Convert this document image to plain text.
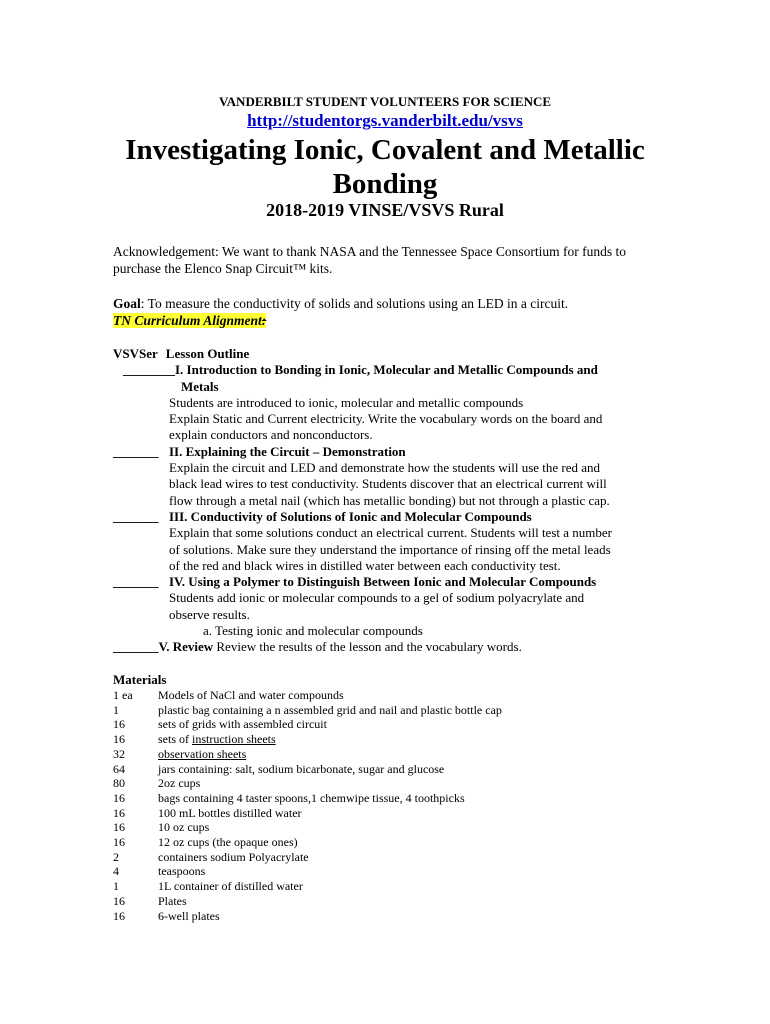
VANDERBILT STUDENT VOLUNTEERS FOR SCIENCE
http://studentorgs.vanderbilt.edu/vsvs
Investigating Ionic, Covalent and Metallic Bonding
2018-2019 VINSE/VSVS Rural
Acknowledgement: We want to thank NASA and the Tennessee Space Consortium for funds to purchase the Elenco Snap Circuit™ kits.
Goal: To measure the conductivity of solids and solutions using an LED in a circuit.
TN Curriculum Alignment:
VSVSer Lesson Outline
________I. Introduction to Bonding in Ionic, Molecular and Metallic Compounds and
Metals
Students are introduced to ionic, molecular and metallic compounds
Explain Static and Current electricity. Write the vocabulary words on the board and
explain conductors and nonconductors.
_______ II. Explaining the Circuit – Demonstration
Explain the circuit and LED and demonstrate how the students will use the red and
black lead wires to test conductivity. Students discover that an electrical current will
flow through a metal nail (which has metallic bonding) but not through a plastic cap.
_______ III. Conductivity of Solutions of Ionic and Molecular Compounds
Explain that some solutions conduct an electrical current. Students will test a number
of solutions. Make sure they understand the importance of rinsing off the metal leads
of the red and black wires in distilled water between each conductivity test.
_______ IV. Using a Polymer to Distinguish Between Ionic and Molecular Compounds
Students add ionic or molecular compounds to a gel of sodium polyacrylate and
observe results.
a. Testing ionic and molecular compounds
_______V. Review Review the results of the lesson and the vocabulary words.
Materials
1 ea	Models of NaCl and water compounds
1	plastic bag containing a n assembled grid and nail and plastic bottle cap
16	sets of grids with assembled circuit
16	sets of instruction sheets
32	observation sheets
64	jars containing: salt, sodium bicarbonate, sugar and glucose
80	2oz cups
16	bags containing 4 taster spoons,1 chemwipe tissue, 4 toothpicks
16	100 mL bottles distilled water
16	10 oz cups
16	12 oz cups (the opaque ones)
2	containers sodium Polyacrylate
4	teaspoons
1	1L container of distilled water
16	Plates
16	6-well plates
